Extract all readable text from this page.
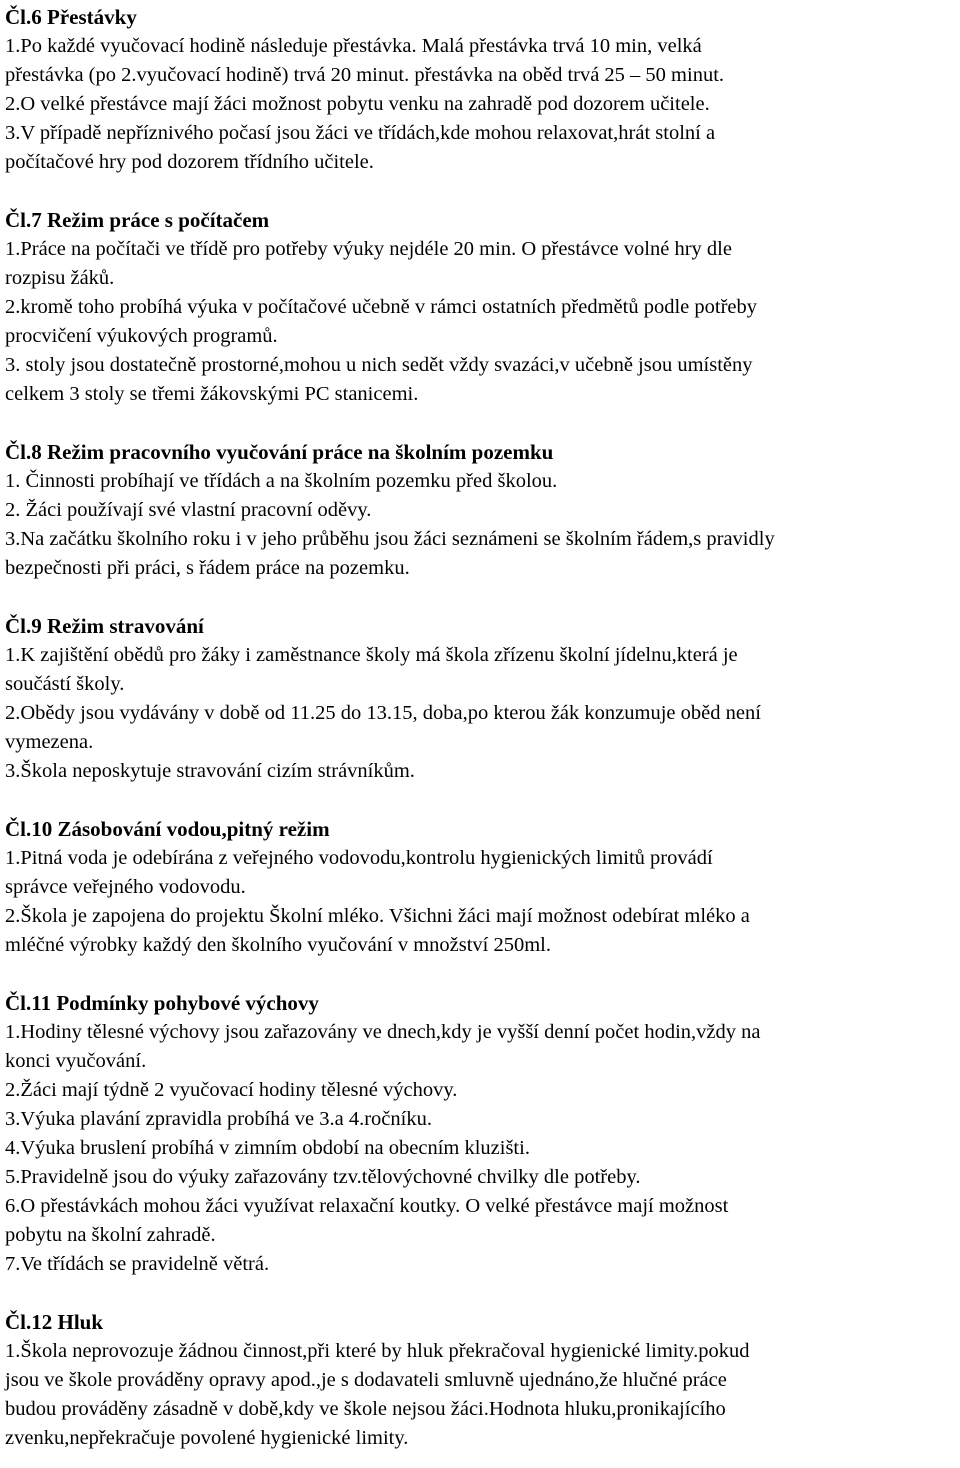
Čl.6 Přestávky
1.Po každé vyučovací hodině následuje přestávka. Malá přestávka trvá 10 min, velká
přestávka (po 2.vyučovací hodině) trvá 20 minut. přestávka na oběd trvá 25 – 50 minut.
2.O velké přestávce mají žáci možnost pobytu venku na zahradě pod dozorem učitele.
3.V případě nepříznivého počasí jsou žáci ve třídách,kde mohou relaxovat,hrát stolní a
počítačové hry pod dozorem třídního učitele.
Čl.7 Režim práce s počítačem
1.Práce na počítači ve třídě pro potřeby výuky nejdéle 20 min. O přestávce volné hry dle
rozpisu žáků.
2.kromě toho probíhá výuka v počítačové učebně v rámci ostatních předmětů podle potřeby
procvičení výukových programů.
3. stoly jsou dostatečně prostorné,mohou u nich sedět vždy svazáci,v učebně jsou umístěny
celkem 3 stoly se třemi žákovskými PC stanicemi.
Čl.8 Režim pracovního vyučování práce na školním pozemku
1. Činnosti probíhají ve třídách a na školním pozemku před školou.
2. Žáci používají své vlastní pracovní oděvy.
3.Na začátku školního roku i v jeho průběhu jsou žáci seznámeni se školním řádem,s pravidly
bezpečnosti při práci, s řádem práce na pozemku.
Čl.9 Režim stravování
1.K zajištění obědů pro žáky i zaměstnance školy má škola zřízenu školní jídelnu,která je
součástí školy.
2.Obědy jsou vydávány v době od 11.25 do 13.15, doba,po kterou žák konzumuje oběd není
vymezena.
3.Škola neposkytuje stravování cizím strávníkům.
Čl.10 Zásobování vodou,pitný režim
1.Pitná voda je odebírána z veřejného vodovodu,kontrolu hygienických limitů provádí
správce veřejného vodovodu.
2.Škola je zapojena do projektu Školní mléko. Všichni žáci mají možnost odebírat mléko a
mléčné výrobky každý den školního vyučování v množství 250ml.
Čl.11 Podmínky pohybové výchovy
1.Hodiny tělesné výchovy jsou zařazovány ve dnech,kdy je vyšší denní počet hodin,vždy na
konci vyučování.
2.Žáci mají týdně 2 vyučovací hodiny tělesné výchovy.
3.Výuka plavání zpravidla probíhá ve 3.a 4.ročníku.
4.Výuka bruslení probíhá v zimním období na obecním kluzišti.
5.Pravidelně jsou do výuky zařazovány tzv.tělovýchovné chvilky dle potřeby.
6.O přestávkách mohou žáci využívat relaxační koutky. O velké přestávce mají možnost
pobytu na školní zahradě.
7.Ve třídách se pravidelně větrá.
Čl.12 Hluk
1.Škola neprovozuje žádnou činnost,při které by hluk překračoval hygienické limity.pokud
jsou ve škole prováděny opravy apod.,je s dodavateli smluvně ujednáno,že hlučné práce
budou prováděny zásadně v době,kdy ve škole nejsou žáci.Hodnota hluku,pronikajícího
zvenku,nepřekračuje povolené hygienické limity.
